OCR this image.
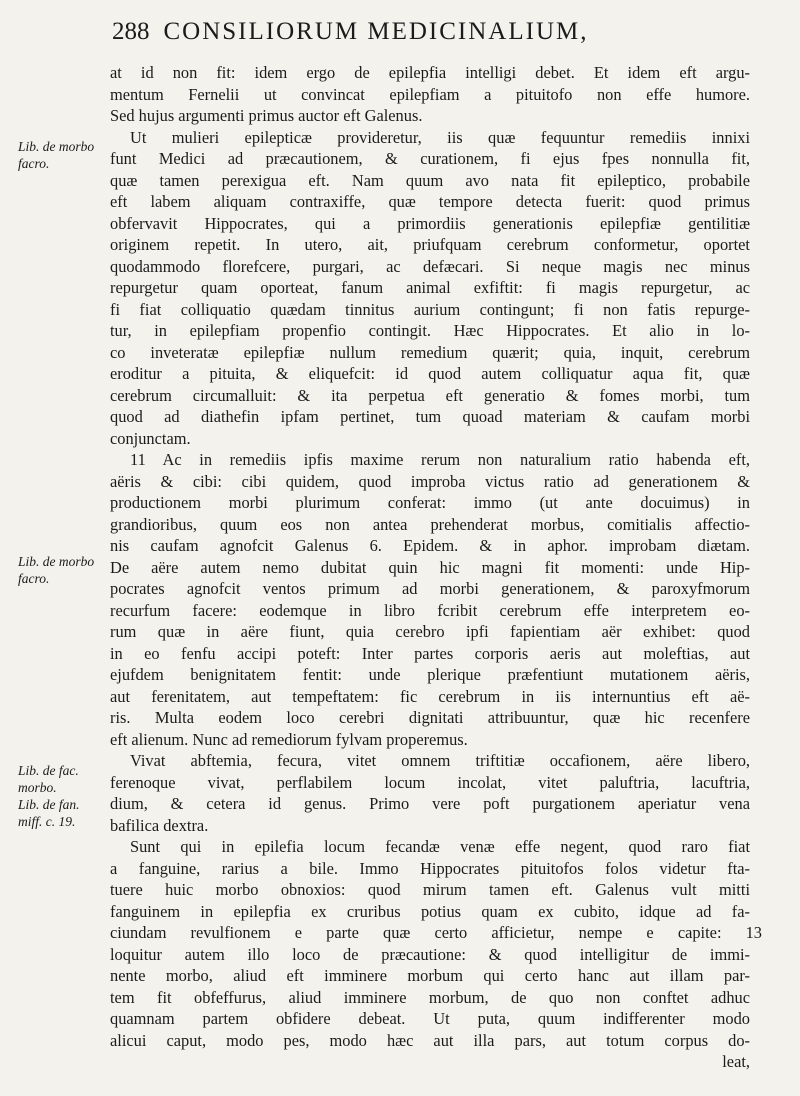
288 CONSILIORUM MEDICINALIUM,
Lib. de morbo
facro.
Lib. de morbo
facro.
Lib. de fac.
morbo.
Lib. de fan.
miff. c. 19.
at id non fit: idem ergo de epilepfia intelligi debet. Et idem eft argu-
mentum Fernelii ut convincat epilepfiam a pituitofo non effe humore.
Sed hujus argumenti primus auctor eft Galenus.
Ut mulieri epilepticæ provideretur, iis quæ fequuntur remediis innixi
funt Medici ad præcautionem, & curationem, fi ejus fpes nonnulla fit,
quæ tamen perexigua eft. Nam quum avo nata fit epileptico, probabile
eft labem aliquam contraxiffe, quæ tempore detecta fuerit: quod primus
obfervavit Hippocrates, qui a primordiis generationis epilepfiæ gentilitiæ
originem repetit. In utero, ait, priufquam cerebrum conformetur, oportet
quodammodo florefcere, purgari, ac defæcari. Si neque magis nec minus
repurgetur quam oporteat, fanum animal exfiftit: fi magis repurgetur, ac
fi fiat colliquatio quædam tinnitus aurium contingunt; fi non fatis repurge-
tur, in epilepfiam propenfio contingit. Hæc Hippocrates. Et alio in lo-
co inveteratæ epilepfiæ nullum remedium quærit; quia, inquit, cerebrum
eroditur a pituita, & eliquefcit: id quod autem colliquatur aqua fit, quæ
cerebrum circumalluit: & ita perpetua eft generatio & fomes morbi, tum
quod ad diathefin ipfam pertinet, tum quoad materiam & caufam morbi
conjunctam.
11 Ac in remediis ipfis maxime rerum non naturalium ratio habenda eft,
aëris & cibi: cibi quidem, quod improba victus ratio ad generationem &
productionem morbi plurimum conferat: immo (ut ante docuimus) in
grandioribus, quum eos non antea prehenderat morbus, comitialis affectio-
nis caufam agnofcit Galenus 6. Epidem. & in aphor. improbam diætam.
De aëre autem nemo dubitat quin hic magni fit momenti: unde Hip-
pocrates agnofcit ventos primum ad morbi generationem, & paroxyfmorum
recurfum facere: eodemque in libro fcribit cerebrum effe interpretem eo-
rum quæ in aëre fiunt, quia cerebro ipfi fapientiam aër exhibet: quod
in eo fenfu accipi poteft: Inter partes corporis aeris aut moleftias, aut
ejufdem benignitatem fentit: unde plerique præfentiunt mutationem aëris,
aut ferenitatem, aut tempeftatem: fic cerebrum in iis internuntius eft aë-
ris. Multa eodem loco cerebri dignitati attribuuntur, quæ hic recenfere
eft alienum. Nunc ad remediorum fylvam properemus.
Vivat abftemia, fecura, vitet omnem triftitiæ occafionem, aëre libero,
ferenoque vivat, perflabilem locum incolat, vitet paluftria, lacuftria,
dium, & cetera id genus. Primo vere poft purgationem aperiatur vena
bafilica dextra.
Sunt qui in epilefia locum fecandæ venæ effe negent, quod raro fiat
a fanguine, rarius a bile. Immo Hippocrates pituitofos folos videtur fta-
tuere huic morbo obnoxios: quod mirum tamen eft. Galenus vult mitti
fanguinem in epilepfia ex cruribus potius quam ex cubito, idque ad fa-
ciundam revulfionem e parte quæ certo afficietur, nempe e capite: 13
loquitur autem illo loco de præcautione: & quod intelligitur de immi-
nente morbo, aliud eft imminere morbum qui certo hanc aut illam par-
tem fit obfeffurus, aliud imminere morbum, de quo non conftet adhuc
quamnam partem obfidere debeat. Ut puta, quum indifferenter modo
alicui caput, modo pes, modo hæc aut illa pars, aut totum corpus do-
leat,
